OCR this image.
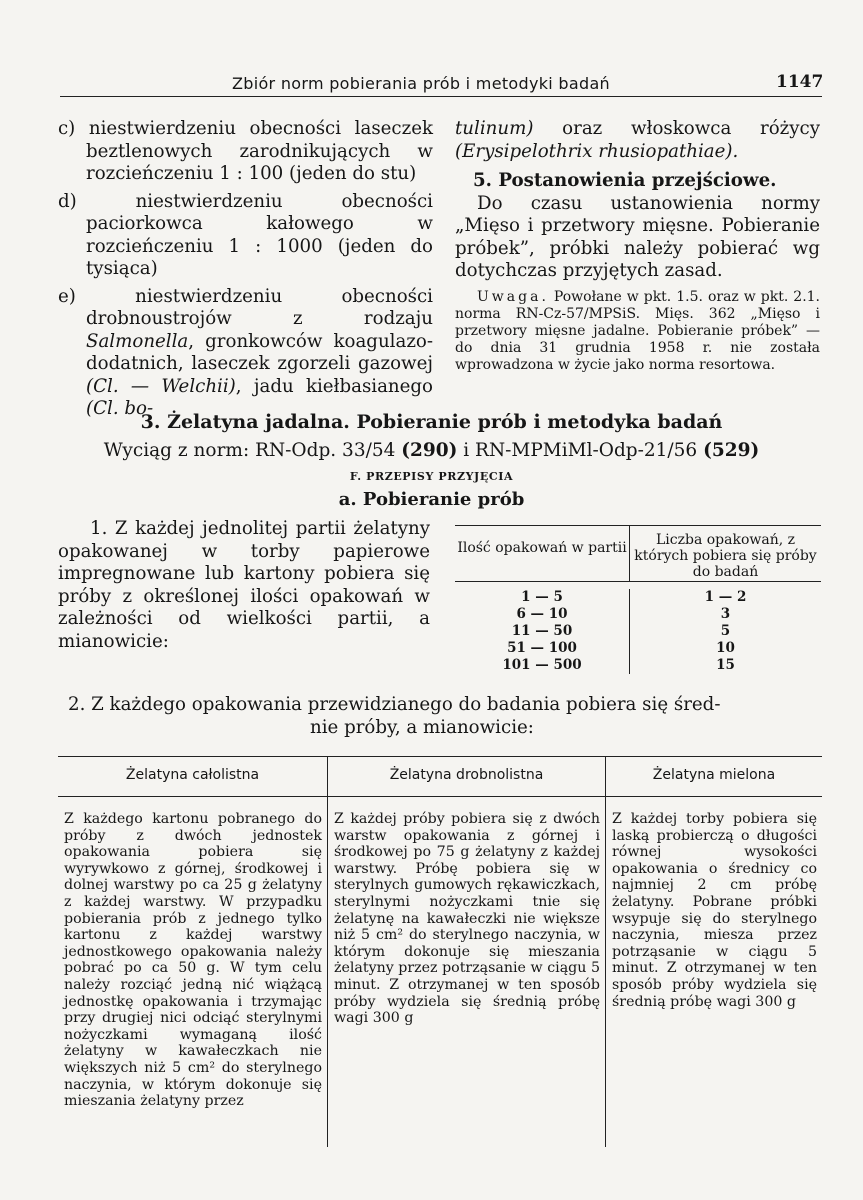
Zbiór norm pobierania prób i metodyki badań	1147

c) niestwierdzeniu obecności laseczek beztlenowych zarodnikujących w rozcieńczeniu 1 : 100 (jeden do stu)

d) niestwierdzeniu obecności paciorkowca kałowego w rozcieńczeniu 1 : 1000 (jeden do tysiąca)

e) niestwierdzeniu obecności drobnoustrojów z rodzaju Salmonella, gronkowców koagulazo-dodatnich, laseczek zgorzeli gazowej (Cl. — Welchii), jadu kiełbasianego (Cl. bo-

tulinum) oraz włoskowca różycy (Erysipelothrix rhusiopathiae).

5. Postanowienia przejściowe.

Do czasu ustanowienia normy „Mięso i przetwory mięsne. Pobieranie próbek”, próbki należy pobierać wg dotychczas przyjętych zasad.

Uwaga. Powołane w pkt. 1.5. oraz w pkt. 2.1. norma RN-Cz-57/MPSiS. Mięs. 362 „Mięso i przetwory mięsne jadalne. Pobieranie próbek” — do dnia 31 grudnia 1958 r. nie została wprowadzona w życie jako norma resortowa.

3. Żelatyna jadalna. Pobieranie prób i metodyka badań
Wyciąg z norm: RN-Odp. 33/54 (290) i RN-MPMiMl-Odp-21/56 (529)
F. PRZEPISY PRZYJĘCIA
a. Pobieranie prób

1. Z każdej jednolitej partii żelatyny opakowanej w torby papierowe impregnowane lub kartony pobiera się próby z określonej ilości opakowań w zależności od wielkości partii, a mianowicie:

Ilość opakowań w partii	Liczba opakowań, z których pobiera się próby do badań
1 — 5
6 — 10
11 — 50
51 — 100
101 — 500
1 — 2
3
5
10
15

2. Z każdego opakowania przewidzianego do badania pobiera się śred-
nie próby, a mianowicie:

Żelatyna całolistna
Z każdego kartonu pobranego do próby z dwóch jednostek opakowania pobiera się wyrywkowo z górnej, środkowej i dolnej warstwy po ca 25 g żelatyny z każdej warstwy. W przypadku pobierania prób z jednego tylko kartonu z każdej warstwy jednostkowego opakowania należy pobrać po ca 50 g. W tym celu należy rozciąć jedną nić wiążącą jednostkę opakowania i trzymając przy drugiej nici odciąć sterylnymi nożyczkami wymaganą ilość żelatyny w kawałeczkach nie większych niż 5 cm² do sterylnego naczynia, w którym dokonuje się mieszania żelatyny przez
Żelatyna drobnolistna
Z każdej próby pobiera się z dwóch warstw opakowania z górnej i środkowej po 75 g żelatyny z każdej warstwy. Próbę pobiera się w sterylnych gumowych rękawiczkach, sterylnymi nożyczkami tnie się żelatynę na kawałeczki nie większe niż 5 cm² do sterylnego naczynia, w którym dokonuje się mieszania żelatyny przez potrząsanie w ciągu 5 minut. Z otrzymanej w ten sposób próby wydziela się średnią próbę wagi 300 g
Żelatyna mielona
Z każdej torby pobiera się laską probierczą o długości równej wysokości opakowania o średnicy co najmniej 2 cm próbę żelatyny. Pobrane próbki wsypuje się do sterylnego naczynia, miesza przez potrząsanie w ciągu 5 minut. Z otrzymanej w ten sposób próby wydziela się średnią próbę wagi 300 g
